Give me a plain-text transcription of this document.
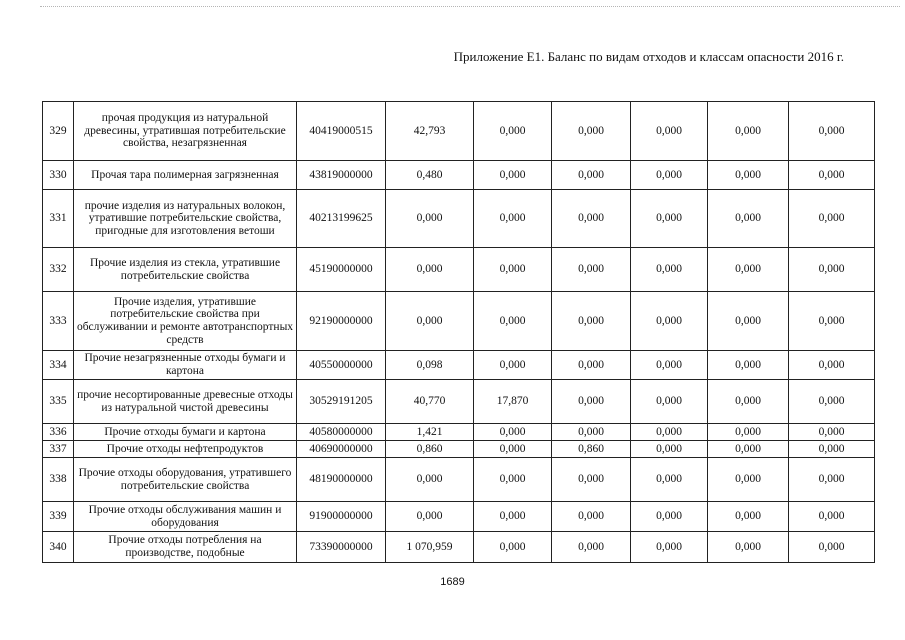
Приложение Е1. Баланс по видам отходов и классам опасности 2016 г.
329	прочая продукция из натуральной древесины, утратившая потребительские свойства, незагрязненная	40419000515	42,793	0,000	0,000	0,000	0,000	0,000
330	Прочая тара полимерная загрязненная	43819000000	0,480	0,000	0,000	0,000	0,000	0,000
331	прочие изделия из натуральных волокон, утратившие потребительские свойства, пригодные для изготовления ветоши	40213199625	0,000	0,000	0,000	0,000	0,000	0,000
332	Прочие изделия из стекла, утратившие потребительские свойства	45190000000	0,000	0,000	0,000	0,000	0,000	0,000
333	Прочие изделия, утратившие потребительские свойства при обслуживании и ремонте автотранспортных средств	92190000000	0,000	0,000	0,000	0,000	0,000	0,000
334	Прочие незагрязненные отходы бумаги и картона	40550000000	0,098	0,000	0,000	0,000	0,000	0,000
335	прочие несортированные древесные отходы из натуральной чистой древесины	30529191205	40,770	17,870	0,000	0,000	0,000	0,000
336	Прочие отходы бумаги и картона	40580000000	1,421	0,000	0,000	0,000	0,000	0,000
337	Прочие отходы нефтепродуктов	40690000000	0,860	0,000	0,860	0,000	0,000	0,000
338	Прочие отходы оборудования, утратившего потребительские свойства	48190000000	0,000	0,000	0,000	0,000	0,000	0,000
339	Прочие отходы обслуживания машин и оборудования	91900000000	0,000	0,000	0,000	0,000	0,000	0,000
340	Прочие отходы потребления на производстве, подобные	73390000000	1 070,959	0,000	0,000	0,000	0,000	0,000
1689
